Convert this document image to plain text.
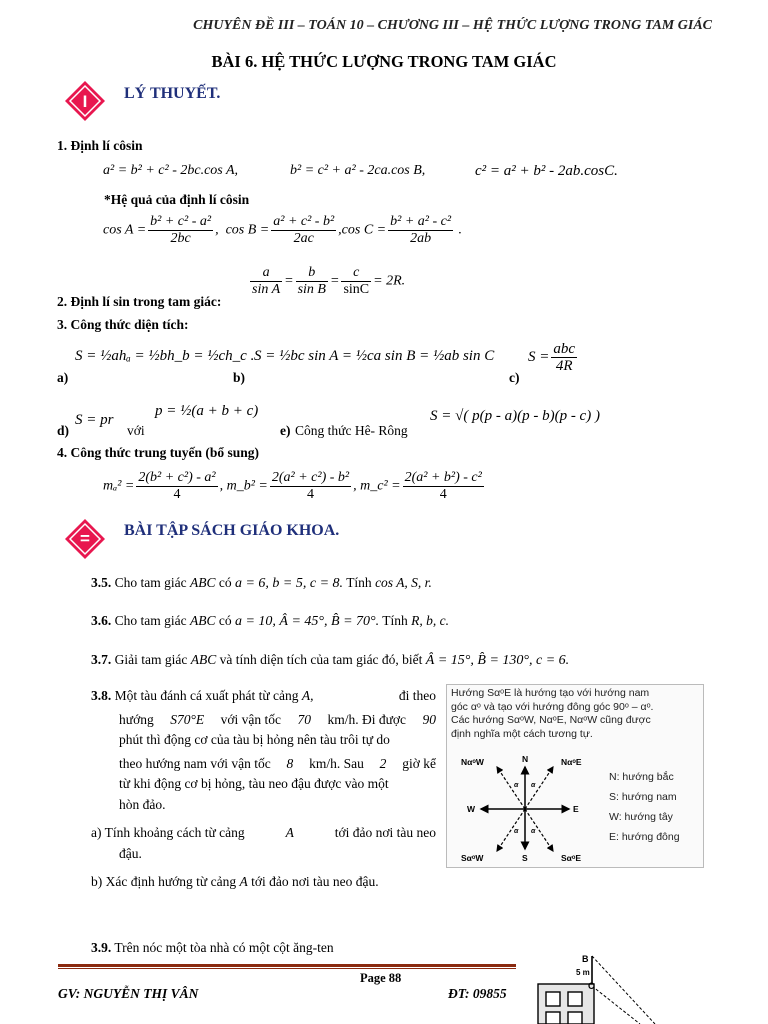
CHUYÊN ĐỀ III – TOÁN 10 – CHƯƠNG III – HỆ THỨC LƯỢNG TRONG TAM GIÁC
BÀI 6. HỆ THỨC LƯỢNG TRONG TAM GIÁC
I LÝ THUYẾT.
1. Định lí côsin
a² = b² + c² - 2bc.cos A,	b² = c² + a² - 2ca.cos B,	c² = a² + b² - 2ab.cosC.
*Hệ quả của định lí côsin
$\cos A = \frac{\text{b² + c² - a²}}{2bc}$ , $\cos B = \frac{\text{a² + c² - b²}}{2ac} ,\cos$ $C = \frac{\text{b² + a² - c²}}{2ab}$ .
$\frac{a}{\text{sin A}} = \frac{b}{\text{sin B}} = \frac{c}{\sin C} = 2R$.
2. Định lí sin trong tam giác:
3. Công thức diện tích:
a)
S = ½ahₐ = ½bh_b = ½ch_c .
b)
S = ½bc sin A = ½ca sin B = ½ab sin C
c)
$S = \frac{\text{abc}}{4R}$
d)
S = pr
với
p = ½(a + b + c)
e) Công thức Hê- Rông
S = √( p(p - a)(p - b)(p - c) )
4. Công thức trung tuyến (bổ sung)
$m_a^2 = \frac{\text{2(b² + c²) - a²}}{4}$ , m_b² = $\frac{\text{2(a² + c²) - b²}}{4}$ , m_c² = $\frac{\text{2(a² + b²) - c²}}{4}$
= BÀI TẬP SÁCH GIÁO KHOA.
3.5. Cho tam giác ABC có a = 6, b = 5, c = 8. Tính cos A, S, r.
3.6. Cho tam giác ABC có a = 10, Â = 45°, B̂ = 70°. Tính R, b, c.
3.7. Giải tam giác ABC và tính diện tích của tam giác đó, biết Â = 15°, B̂ = 130°, c = 6.
3.8. Một tàu đánh cá xuất phát từ cảng A,	đi theo
hướng S70°E với vận tốc 70 km/h. Đi được 90
phút thì động cơ của tàu bị hỏng nên tàu trôi tự do
theo hướng nam với vận tốc 8 km/h. Sau 2 giờ kể
từ khi động cơ bị hỏng, tàu neo đậu được vào một
hòn đảo.
a) Tính khoảng cách từ cảng	A	tới đảo nơi tàu neo
đậu.
b) Xác định hướng từ cảng A tới đảo nơi tàu neo đậu.
Hướng SαᵒE là hướng tạo với hướng nam
góc αᵒ và tạo với hướng đông góc 90ᵒ – αᵒ.
Các hướng SαᵒW, NαᵒE, NαᵒW cũng được
định nghĩa một cách tương tự.
NαᵒW	NαᵒE
SαᵒW	SαᵒE
N
S
W	E
α α
α α
N: hướng bắc
S: hướng nam
W: hướng tây
E: hướng đông
3.9. Trên nóc một tòa nhà có một cột ăng-ten
B
C
5 m
Page 88
GV: NGUYỄN THỊ VÂN	ĐT: 09855
